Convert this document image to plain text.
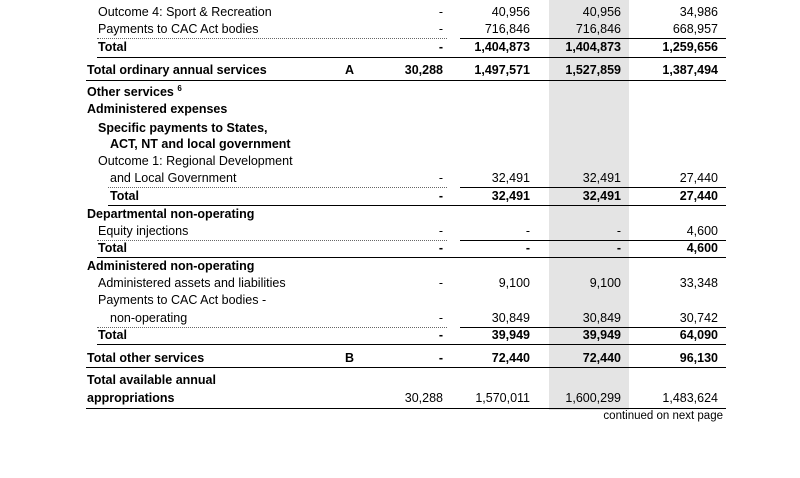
Outcome 4: Sport & Recreation	-	40,956	40,956	34,986
Payments to CAC Act bodies	-	716,846	716,846	668,957
Total	-	1,404,873	1,404,873	1,259,656
Total ordinary annual services	A	30,288	1,497,571	1,527,859	1,387,494
Other services $^6$
Administered expenses
Specific payments to States,
ACT, NT and local government
Outcome 1: Regional Development
and Local Government	-	32,491	32,491	27,440
Total	-	32,491	32,491	27,440
Departmental non-operating
Equity injections	-	-	-	4,600
Total	-	-	-	4,600
Administered non-operating
Administered assets and liabilities	-	9,100	9,100	33,348
Payments to CAC Act bodies -
non-operating	-	30,849	30,849	30,742
Total	-	39,949	39,949	64,090
Total other services	B	-	72,440	72,440	96,130
Total available annual
appropriations	30,288	1,570,011	1,600,299	1,483,624
continued on next page
